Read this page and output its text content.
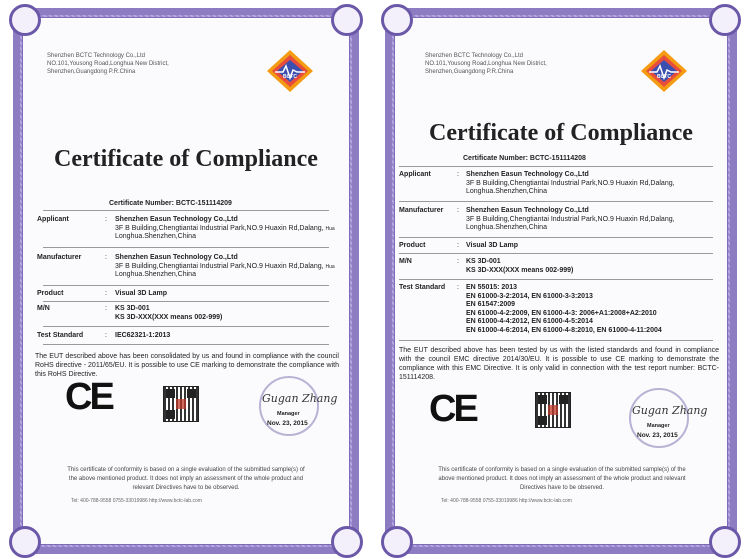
Shenzhen BCTC Technology Co.,Ltd
NO.101,Yousong Road,Longhua New District,
Shenzhen,Guangdong P.R.China
BCTC
Certificate of Compliance
Certificate Number: BCTC-151114209
Applicant	: Shenzhen Easun Technology Co.,Ltd
3F B Building,Chengtiantai Industrial Park,NO.9 Huaxin Rd,Dalang, Hua
Longhua.Shenzhen,China
Manufacturer	: Shenzhen Easun Technology Co.,Ltd
3F B Building,Chengtiantai Industrial Park,NO.9 Huaxin Rd,Dalang, Hua
Longhua.Shenzhen,China
Product	: Visual 3D Lamp
M/N	: KS 3D-001
KS 3D-XXX(XXX means 002-999)
Test Standard	: IEC62321-1:2013
The EUT described above has been consolidated by us and found in compliance with the council RoHS directive - 2011/65/EU. It is possible to use CE marking to demonstrate the compliance with this RoHS Directive.
CE	Gugan Zhang
Manager
Nov. 23, 2015
This certificate of conformity is based on a single evaluation of the submitted sample(s) of the above mentioned product. It does not imply an assessment of the whole product and relevant Directives have to be observed.
Tel: 400-788-9558 0755-33019986 http://www.bctc-lab.com
Shenzhen BCTC Technology Co.,Ltd
NO.101,Yousong Road,Longhua New District,
Shenzhen,Guangdong P.R.China
BCTC
Certificate of Compliance
Certificate Number: BCTC-151114208
Applicant	: Shenzhen Easun Technology Co.,Ltd
3F B Building,Chengtiantai Industrial Park,NO.9 Huaxin Rd,Dalang,
Longhua.Shenzhen,China
Manufacturer : Shenzhen Easun Technology Co.,Ltd
3F B Building,Chengtiantai Industrial Park,NO.9 Huaxin Rd,Dalang,
Longhua.Shenzhen,China
Product	: Visual 3D Lamp
M/N	: KS 3D-001
KS 3D-XXX(XXX means 002-999)
Test Standard : EN 55015: 2013
EN 61000-3-2:2014, EN 61000-3-3:2013
EN 61547:2009
EN 61000-4-2:2009, EN 61000-4-3: 2006+A1:2008+A2:2010
EN 61000-4-4:2012, EN 61000-4-5:2014
EN 61000-4-6:2014, EN 61000-4-8:2010, EN 61000-4-11:2004
The EUT described above has been tested by us with the listed standards and found in compliance with the council EMC directive 2014/30/EU. It is possible to use CE marking to demonstrate the compliance with this EMC Directive. It is only valid in connection with the test report number: BCTC-151114208.
CE	Gugan Zhang
Manager
Nov. 23, 2015
This certificate of conformity is based on a single evaluation of the submitted sample(s) of the above mentioned product. It does not imply an assessment of the whole product and relevant Directives have to be observed.
Tel: 400-788-9558 0755-33019986 http://www.bctc-lab.com
